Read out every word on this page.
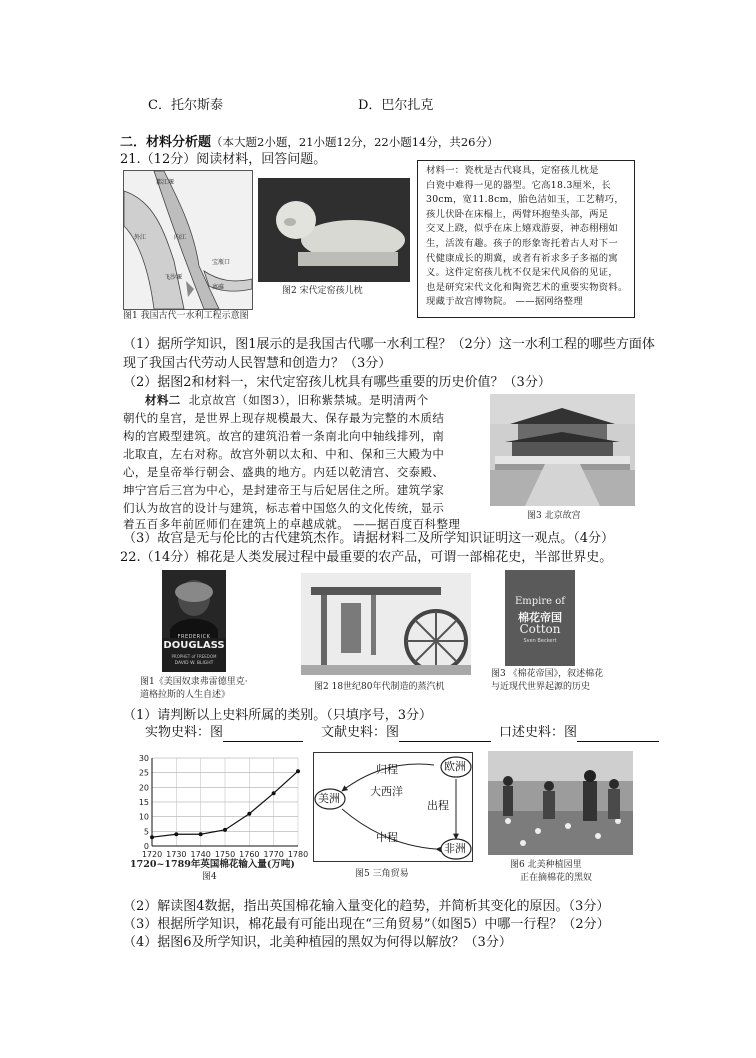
C．托尔斯泰	D．巴尔扎克
二．材料分析题（本大题2小题，21小题12分，22小题14分，共26分）
21.（12分）阅读材料，回答问题。
都江堰
宝瓶口
外江	内江
飞沙堰
离碓
图1 我国古代一水利工程示意图
图2 宋代定窑孩儿枕
材料一：瓷枕是古代寝具，定窑孩儿枕是
白瓷中难得一见的器型。它高18.3厘米，长
30cm，宽11.8cm，胎色洁如玉，工艺精巧，
孩儿伏卧在床榻上，两臂环抱垫头部，两足
交叉上跷，似乎在床上嬉戏游耍，神态栩栩如
生，活泼有趣。孩子的形象寄托着古人对下一
代健康成长的期冀，或者有祈求多子多福的寓
义。这件定窑孩儿枕不仅是宋代风俗的见证，
也是研究宋代文化和陶瓷艺术的重要实物资料。
现藏于故宫博物院。 ——据网络整理
（1）据所学知识，图1展示的是我国古代哪一水利工程？（2分）这一水利工程的哪些方面体
现了我国古代劳动人民智慧和创造力？（3分）
（2）据图2和材料一，宋代定窑孩儿枕具有哪些重要的历史价值？（3分）
材料二 北京故宫（如图3），旧称紫禁城。是明清两个
朝代的皇宫，是世界上现存规模最大、保存最为完整的木质结
构的宫殿型建筑。故宫的建筑沿着一条南北向中轴线排列，南
北取直，左右对称。故宫外朝以太和、中和、保和三大殿为中
心，是皇帝举行朝会、盛典的地方。内廷以乾清宫、交泰殿、
坤宁宫后三宫为中心，是封建帝王与后妃居住之所。建筑学家
们认为故宫的设计与建筑，标志着中国悠久的文化传统，显示
着五百多年前匠师们在建筑上的卓越成就。 ——据百度百科整理
图3 北京故宫
（3）故宫是无与伦比的古代建筑杰作。请据材料二及所学知识证明这一观点。（4分）
22.（14分）棉花是人类发展过程中最重要的农产品，可谓一部棉花史，半部世界史。
FREDERICK
DOUGLASS
PROPHET of FREEDOM
DAVID W. BLIGHT
图1《美国奴隶弗雷德里克·
道格拉斯的人生自述》
图2 18世纪80年代制造的蒸汽机
Empire of
棉花帝国
Cotton
Sven Beckert
图3 《棉花帝国》，叙述棉花
与近现代世界起源的历史
（1）请判断以上史料所属的类别。（只填序号，3分）
实物史料：图	文献史料：图	口述史料：图
0
5
10
15
20
25
30
1720 1730 1740 1750 1760 1770 1780
1720~1789年英国棉花输入量(万吨)
图4
美洲
欧洲
非洲
归程
大西洋
出程
中程
图5 三角贸易
图6 北美种植园里
正在摘棉花的黑奴
（2）解读图4数据，指出英国棉花输入量变化的趋势，并简析其变化的原因。（3分）
（3）根据所学知识，棉花最有可能出现在“三角贸易”（如图5）中哪一行程？（2分）
（4）据图6及所学知识，北美种植园的黑奴为何得以解放？（3分）
